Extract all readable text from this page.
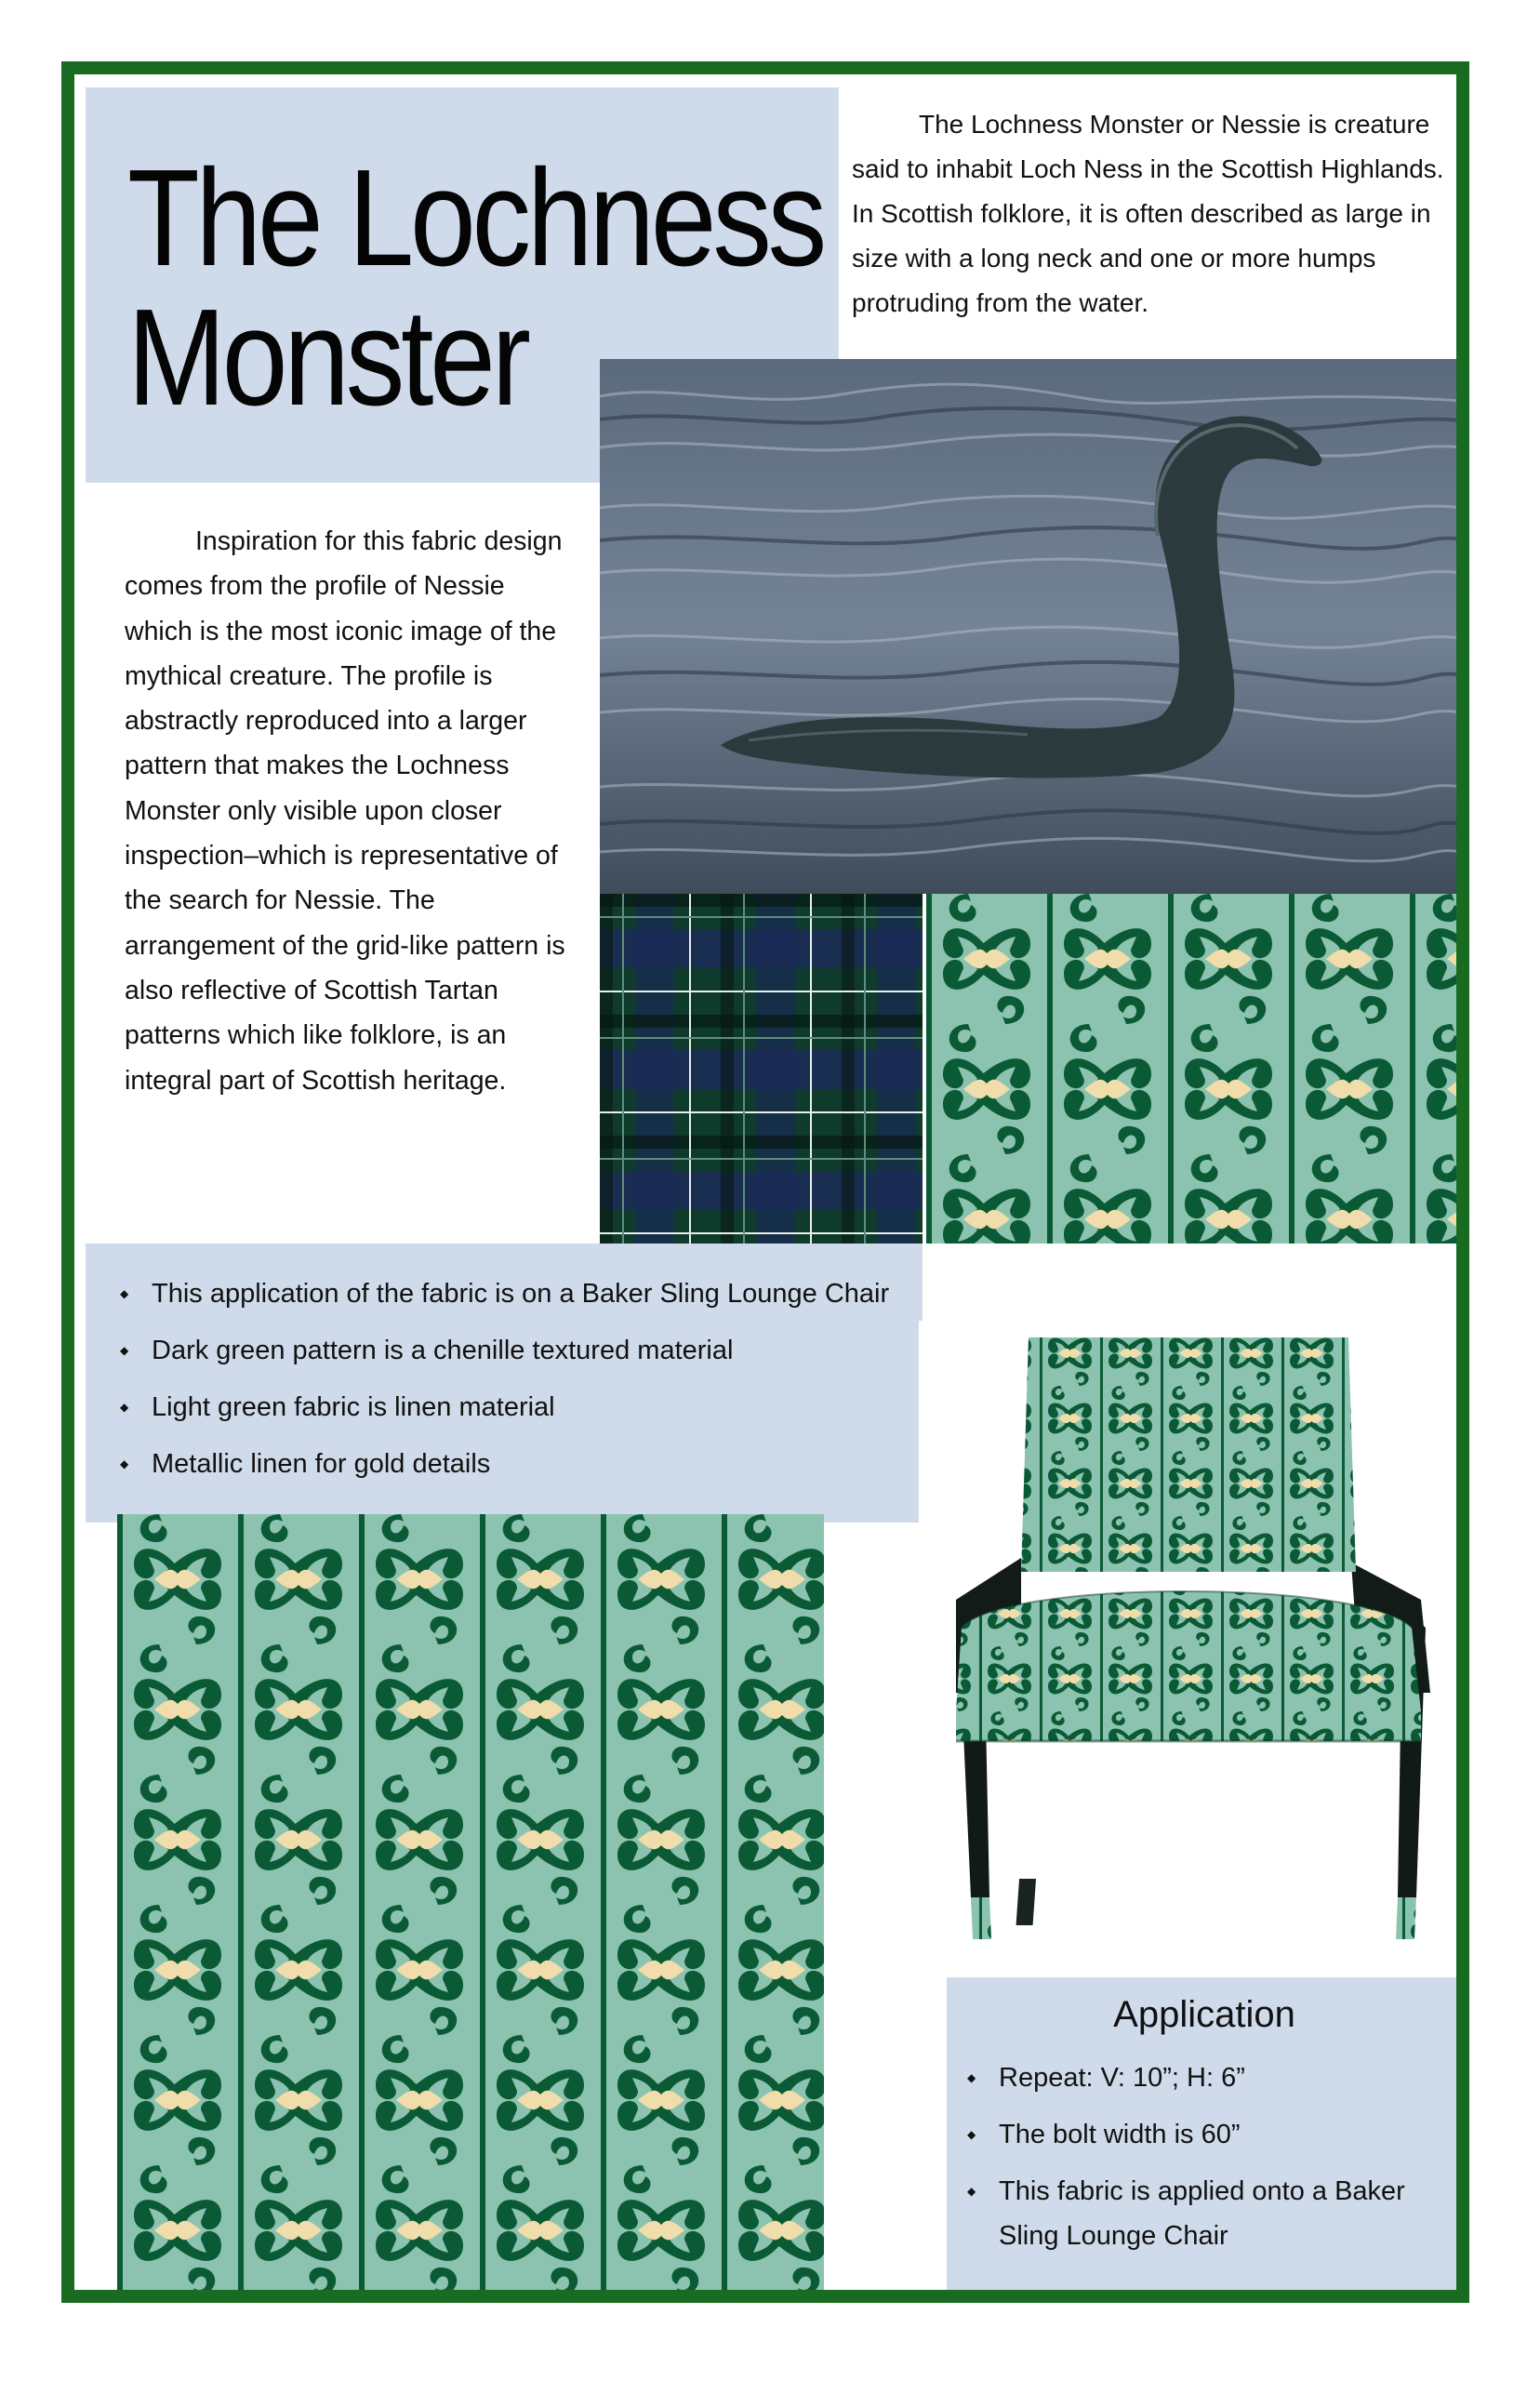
The Lochness
Monster

The Lochness Monster or Nessie is creature said to inhabit Loch Ness in the Scottish Highlands. In Scottish folklore, it is often described as large in size with a long neck and one or more humps protruding from the water.

Inspiration for this fabric design comes from the profile of Nessie which is the most iconic image of the mythical creature. The profile is abstractly reproduced into a larger pattern that makes the Lochness Monster only visible upon closer inspection–which is representative of the search for Nessie. The arrangement of the grid-like pattern is also reflective of Scottish Tartan patterns which like folklore, is an integral part of Scottish heritage.

◆ This application of the fabric is on a Baker Sling Lounge Chair
◆ Dark green pattern is a chenille textured material
◆ Light green fabric is linen material
◆ Metallic linen for gold details
Application
◆ Repeat: V: 10”; H: 6”
◆ The bolt width is 60”
◆ This fabric is applied onto a Baker Sling Lounge Chair
